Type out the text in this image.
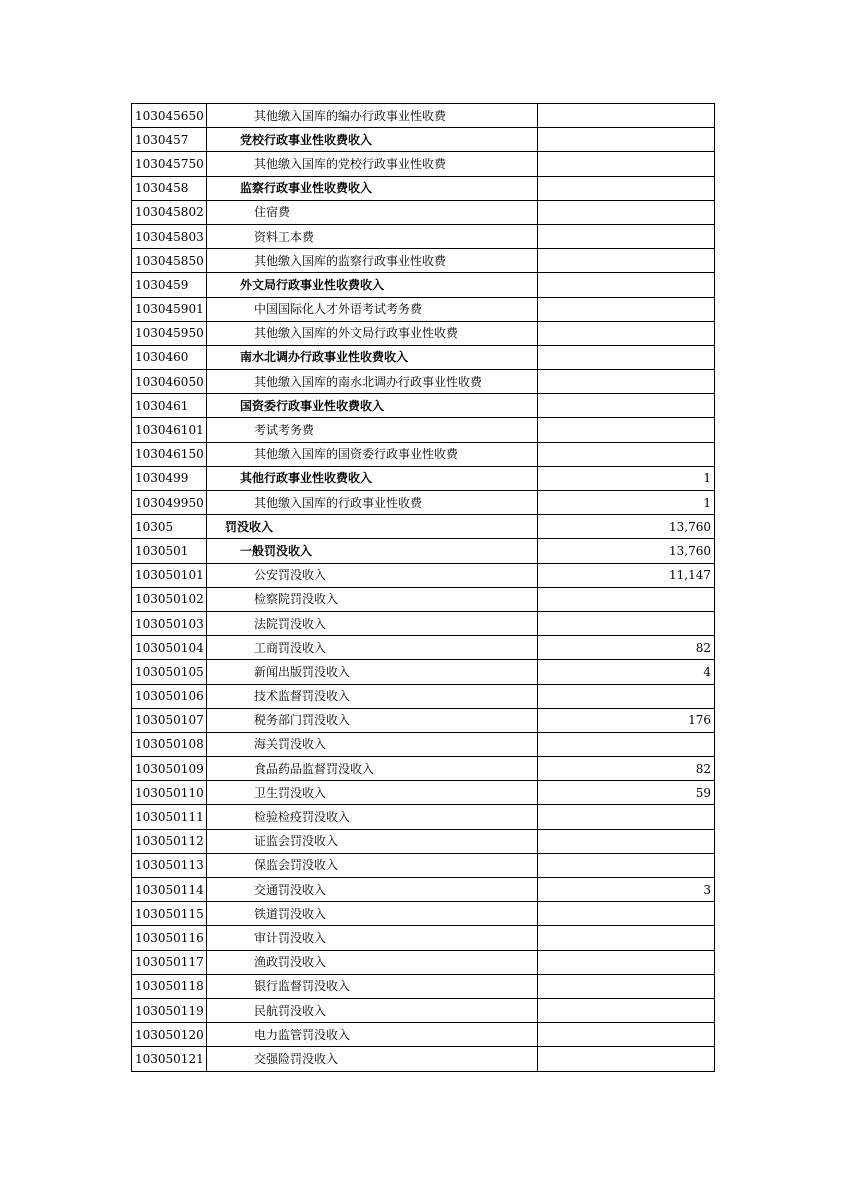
103045650	其他缴入国库的编办行政事业性收费	
1030457	党校行政事业性收费收入	
103045750	其他缴入国库的党校行政事业性收费	
1030458	监察行政事业性收费收入	
103045802	住宿费	
103045803	资料工本费	
103045850	其他缴入国库的监察行政事业性收费	
1030459	外文局行政事业性收费收入	
103045901	中国国际化人才外语考试考务费	
103045950	其他缴入国库的外文局行政事业性收费	
1030460	南水北调办行政事业性收费收入	
103046050	其他缴入国库的南水北调办行政事业性收费	
1030461	国资委行政事业性收费收入	
103046101	考试考务费	
103046150	其他缴入国库的国资委行政事业性收费	
1030499	其他行政事业性收费收入	1
103049950	其他缴入国库的行政事业性收费	1
10305	罚没收入	13,760
1030501	一般罚没收入	13,760
103050101	公安罚没收入	11,147
103050102	检察院罚没收入	
103050103	法院罚没收入	
103050104	工商罚没收入	82
103050105	新闻出版罚没收入	4
103050106	技术监督罚没收入	
103050107	税务部门罚没收入	176
103050108	海关罚没收入	
103050109	食品药品监督罚没收入	82
103050110	卫生罚没收入	59
103050111	检验检疫罚没收入	
103050112	证监会罚没收入	
103050113	保监会罚没收入	
103050114	交通罚没收入	3
103050115	铁道罚没收入	
103050116	审计罚没收入	
103050117	渔政罚没收入	
103050118	银行监督罚没收入	
103050119	民航罚没收入	
103050120	电力监管罚没收入	
103050121	交强险罚没收入	
